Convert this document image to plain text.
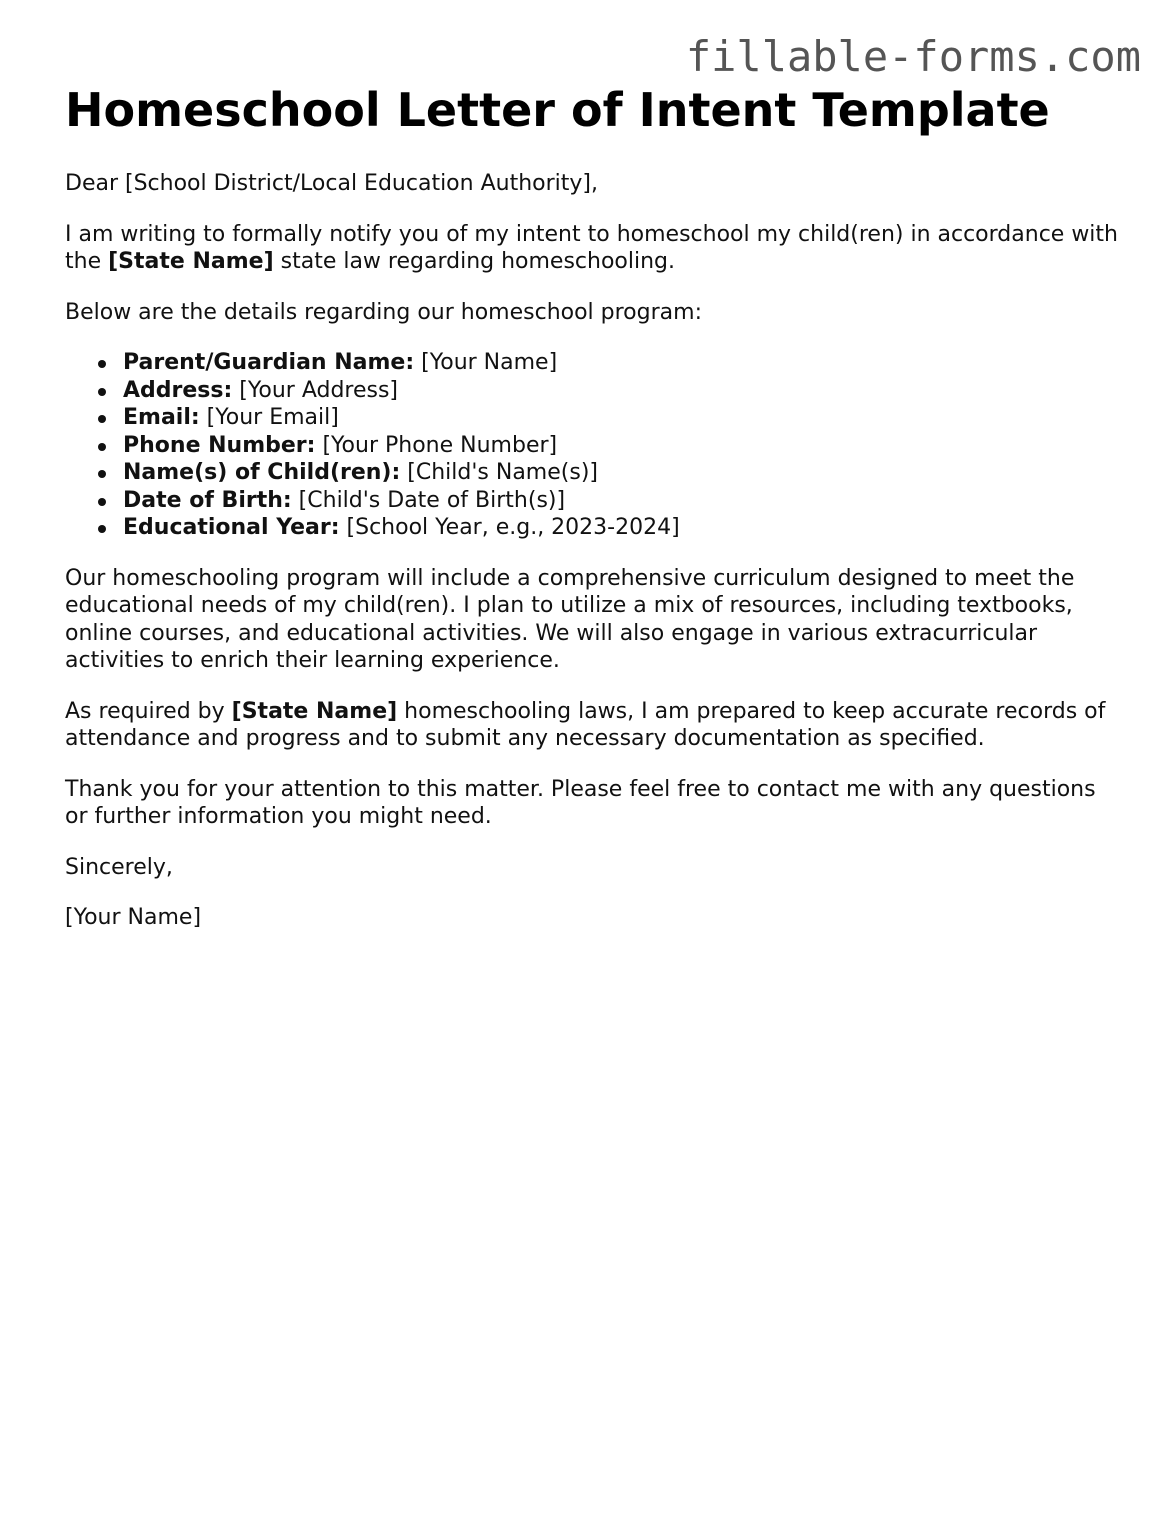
fillable-forms.com
Homeschool Letter of Intent Template

Dear [School District/Local Education Authority],

I am writing to formally notify you of my intent to homeschool my child(ren) in accordance with the [State Name] state law regarding homeschooling.

Below are the details regarding our homeschool program:

Parent/Guardian Name: [Your Name]
Address: [Your Address]
Email: [Your Email]
Phone Number: [Your Phone Number]
Name(s) of Child(ren): [Child's Name(s)]
Date of Birth: [Child's Date of Birth(s)]
Educational Year: [School Year, e.g., 2023-2024]

Our homeschooling program will include a comprehensive curriculum designed to meet the educational needs of my child(ren). I plan to utilize a mix of resources, including textbooks, online courses, and educational activities. We will also engage in various extracurricular activities to enrich their learning experience.

As required by [State Name] homeschooling laws, I am prepared to keep accurate records of attendance and progress and to submit any necessary documentation as specified.

Thank you for your attention to this matter. Please feel free to contact me with any questions or further information you might need.

Sincerely,

[Your Name]
